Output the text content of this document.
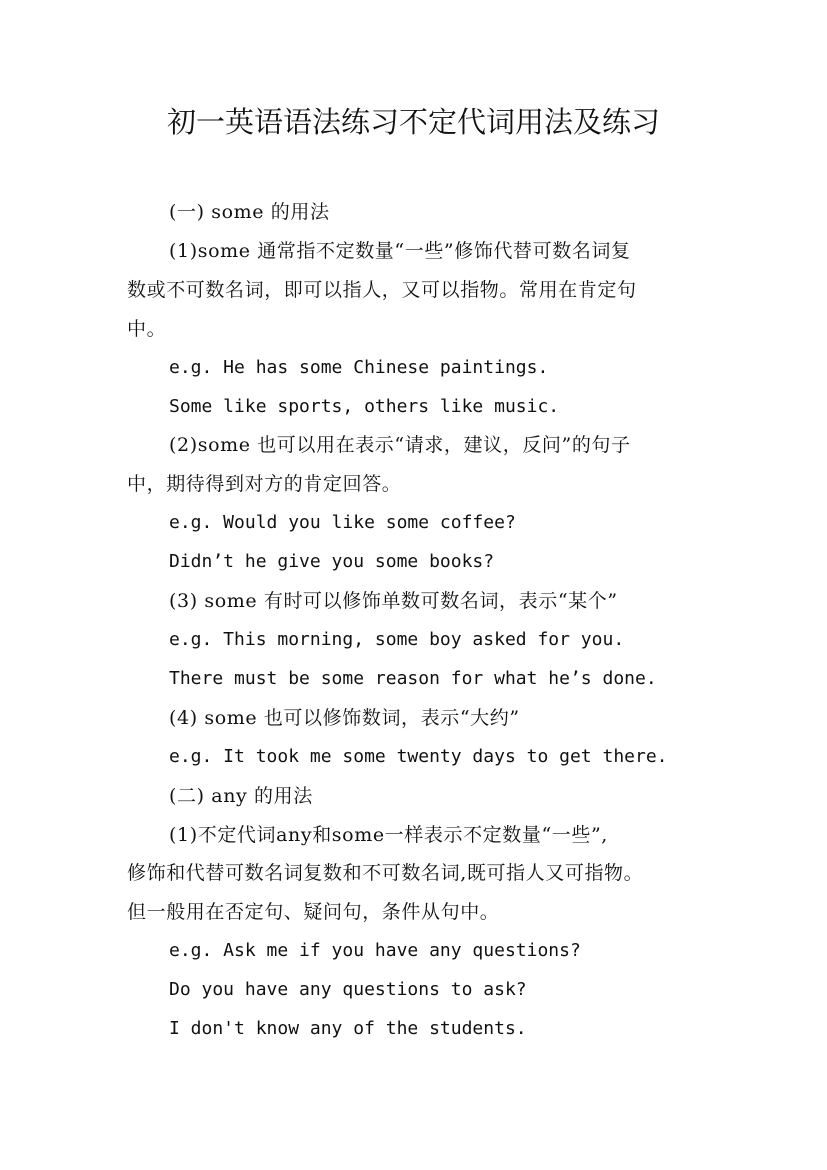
初一英语语法练习不定代词用法及练习

(一) some 的用法

(1)some 通常指不定数量“一些”修饰代替可数名词复

数或不可数名词，即可以指人，又可以指物。常用在肯定句

中。

e.g. He has some Chinese paintings.

Some like sports, others like music.

(2)some 也可以用在表示“请求，建议，反问”的句子

中，期待得到对方的肯定回答。

e.g. Would you like some coffee?

Didn’t he give you some books?

(3) some 有时可以修饰单数可数名词，表示“某个”

e.g. This morning, some boy asked for you.

There must be some reason for what he’s done.

(4) some 也可以修饰数词，表示“大约”

e.g. It took me some twenty days to get there.

(二) any 的用法

(1)不定代词any和some一样表示不定数量“一些”,

修饰和代替可数名词复数和不可数名词,既可指人又可指物。

但一般用在否定句、疑问句，条件从句中。

e.g. Ask me if you have any questions?

Do you have any questions to ask?

I don't know any of the students.
